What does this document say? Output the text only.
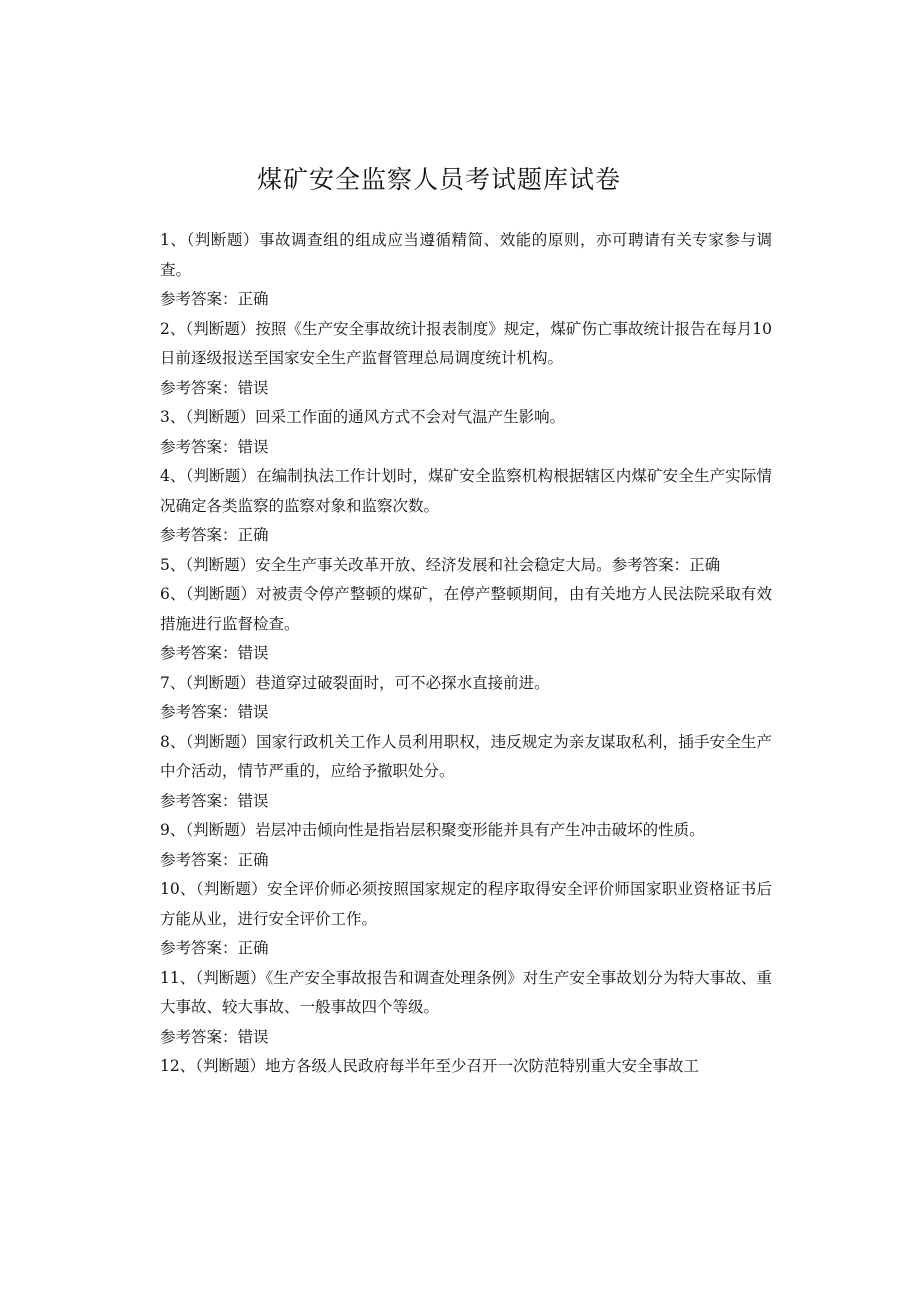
煤矿安全监察人员考试题库试卷

1、（判断题）事故调查组的组成应当遵循精简、效能的原则，亦可聘请有关专家参与调查。

参考答案：正确

2、（判断题）按照《生产安全事故统计报表制度》规定，煤矿伤亡事故统计报告在每月10日前逐级报送至国家安全生产监督管理总局调度统计机构。

参考答案：错误

3、（判断题）回采工作面的通风方式不会对气温产生影响。

参考答案：错误

4、（判断题）在编制执法工作计划时，煤矿安全监察机构根据辖区内煤矿安全生产实际情况确定各类监察的监察对象和监察次数。

参考答案：正确

5、（判断题）安全生产事关改革开放、经济发展和社会稳定大局。参考答案：正确

6、（判断题）对被责令停产整顿的煤矿，在停产整顿期间，由有关地方人民法院采取有效措施进行监督检查。

参考答案：错误

7、（判断题）巷道穿过破裂面时，可不必探水直接前进。

参考答案：错误

8、（判断题）国家行政机关工作人员利用职权，违反规定为亲友谋取私利，插手安全生产中介活动，情节严重的，应给予撤职处分。

参考答案：错误

9、（判断题）岩层冲击倾向性是指岩层积聚变形能并具有产生冲击破坏的性质。

参考答案：正确

10、（判断题）安全评价师必须按照国家规定的程序取得安全评价师国家职业资格证书后方能从业，进行安全评价工作。

参考答案：正确

11、（判断题）《生产安全事故报告和调查处理条例》对生产安全事故划分为特大事故、重大事故、较大事故、一般事故四个等级。

参考答案：错误

12、（判断题）地方各级人民政府每半年至少召开一次防范特别重大安全事故工
